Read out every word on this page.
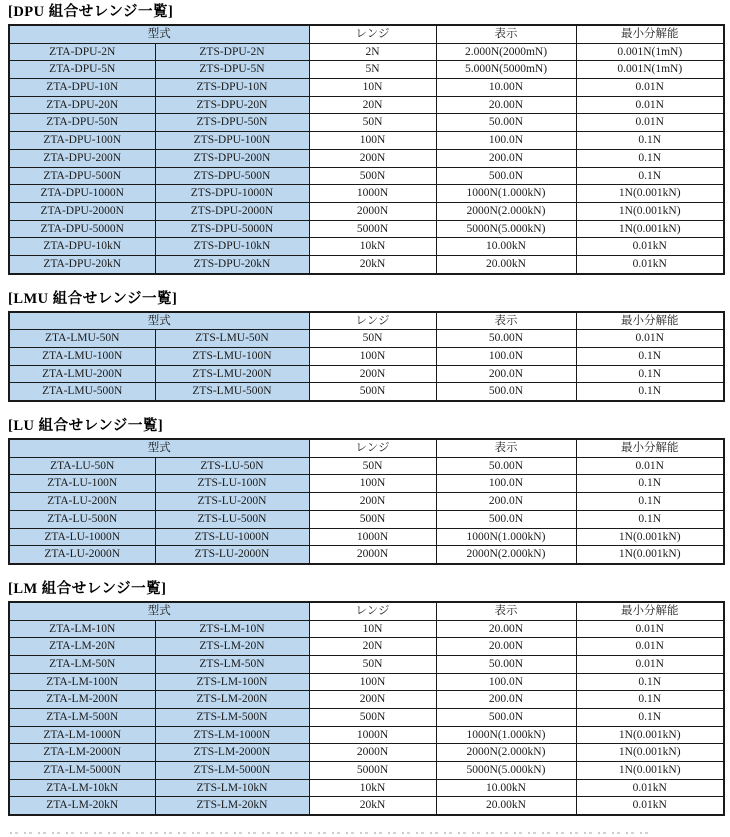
[DPU 組合せレンジ一覧]
型式		レンジ	表示	最小分解能
ZTA-DPU-2N	ZTS-DPU-2N	2N	2.000N(2000mN)	0.001N(1mN)
ZTA-DPU-5N	ZTS-DPU-5N	5N	5.000N(5000mN)	0.001N(1mN)
ZTA-DPU-10N	ZTS-DPU-10N	10N	10.00N	0.01N
ZTA-DPU-20N	ZTS-DPU-20N	20N	20.00N	0.01N
ZTA-DPU-50N	ZTS-DPU-50N	50N	50.00N	0.01N
ZTA-DPU-100N	ZTS-DPU-100N	100N	100.0N	0.1N
ZTA-DPU-200N	ZTS-DPU-200N	200N	200.0N	0.1N
ZTA-DPU-500N	ZTS-DPU-500N	500N	500.0N	0.1N
ZTA-DPU-1000N	ZTS-DPU-1000N	1000N	1000N(1.000kN)	1N(0.001kN)
ZTA-DPU-2000N	ZTS-DPU-2000N	2000N	2000N(2.000kN)	1N(0.001kN)
ZTA-DPU-5000N	ZTS-DPU-5000N	5000N	5000N(5.000kN)	1N(0.001kN)
ZTA-DPU-10kN	ZTS-DPU-10kN	10kN	10.00kN	0.01kN
ZTA-DPU-20kN	ZTS-DPU-20kN	20kN	20.00kN	0.01kN
[LMU 組合せレンジ一覧]
型式		レンジ	表示	最小分解能
ZTA-LMU-50N	ZTS-LMU-50N	50N	50.00N	0.01N
ZTA-LMU-100N	ZTS-LMU-100N	100N	100.0N	0.1N
ZTA-LMU-200N	ZTS-LMU-200N	200N	200.0N	0.1N
ZTA-LMU-500N	ZTS-LMU-500N	500N	500.0N	0.1N
[LU 組合せレンジ一覧]
型式		レンジ	表示	最小分解能
ZTA-LU-50N	ZTS-LU-50N	50N	50.00N	0.01N
ZTA-LU-100N	ZTS-LU-100N	100N	100.0N	0.1N
ZTA-LU-200N	ZTS-LU-200N	200N	200.0N	0.1N
ZTA-LU-500N	ZTS-LU-500N	500N	500.0N	0.1N
ZTA-LU-1000N	ZTS-LU-1000N	1000N	1000N(1.000kN)	1N(0.001kN)
ZTA-LU-2000N	ZTS-LU-2000N	2000N	2000N(2.000kN)	1N(0.001kN)
[LM 組合せレンジ一覧]
型式		レンジ	表示	最小分解能
ZTA-LM-10N	ZTS-LM-10N	10N	20.00N	0.01N
ZTA-LM-20N	ZTS-LM-20N	20N	20.00N	0.01N
ZTA-LM-50N	ZTS-LM-50N	50N	50.00N	0.01N
ZTA-LM-100N	ZTS-LM-100N	100N	100.0N	0.1N
ZTA-LM-200N	ZTS-LM-200N	200N	200.0N	0.1N
ZTA-LM-500N	ZTS-LM-500N	500N	500.0N	0.1N
ZTA-LM-1000N	ZTS-LM-1000N	1000N	1000N(1.000kN)	1N(0.001kN)
ZTA-LM-2000N	ZTS-LM-2000N	2000N	2000N(2.000kN)	1N(0.001kN)
ZTA-LM-5000N	ZTS-LM-5000N	5000N	5000N(5.000kN)	1N(0.001kN)
ZTA-LM-10kN	ZTS-LM-10kN	10kN	10.00kN	0.01kN
ZTA-LM-20kN	ZTS-LM-20kN	20kN	20.00kN	0.01kN
